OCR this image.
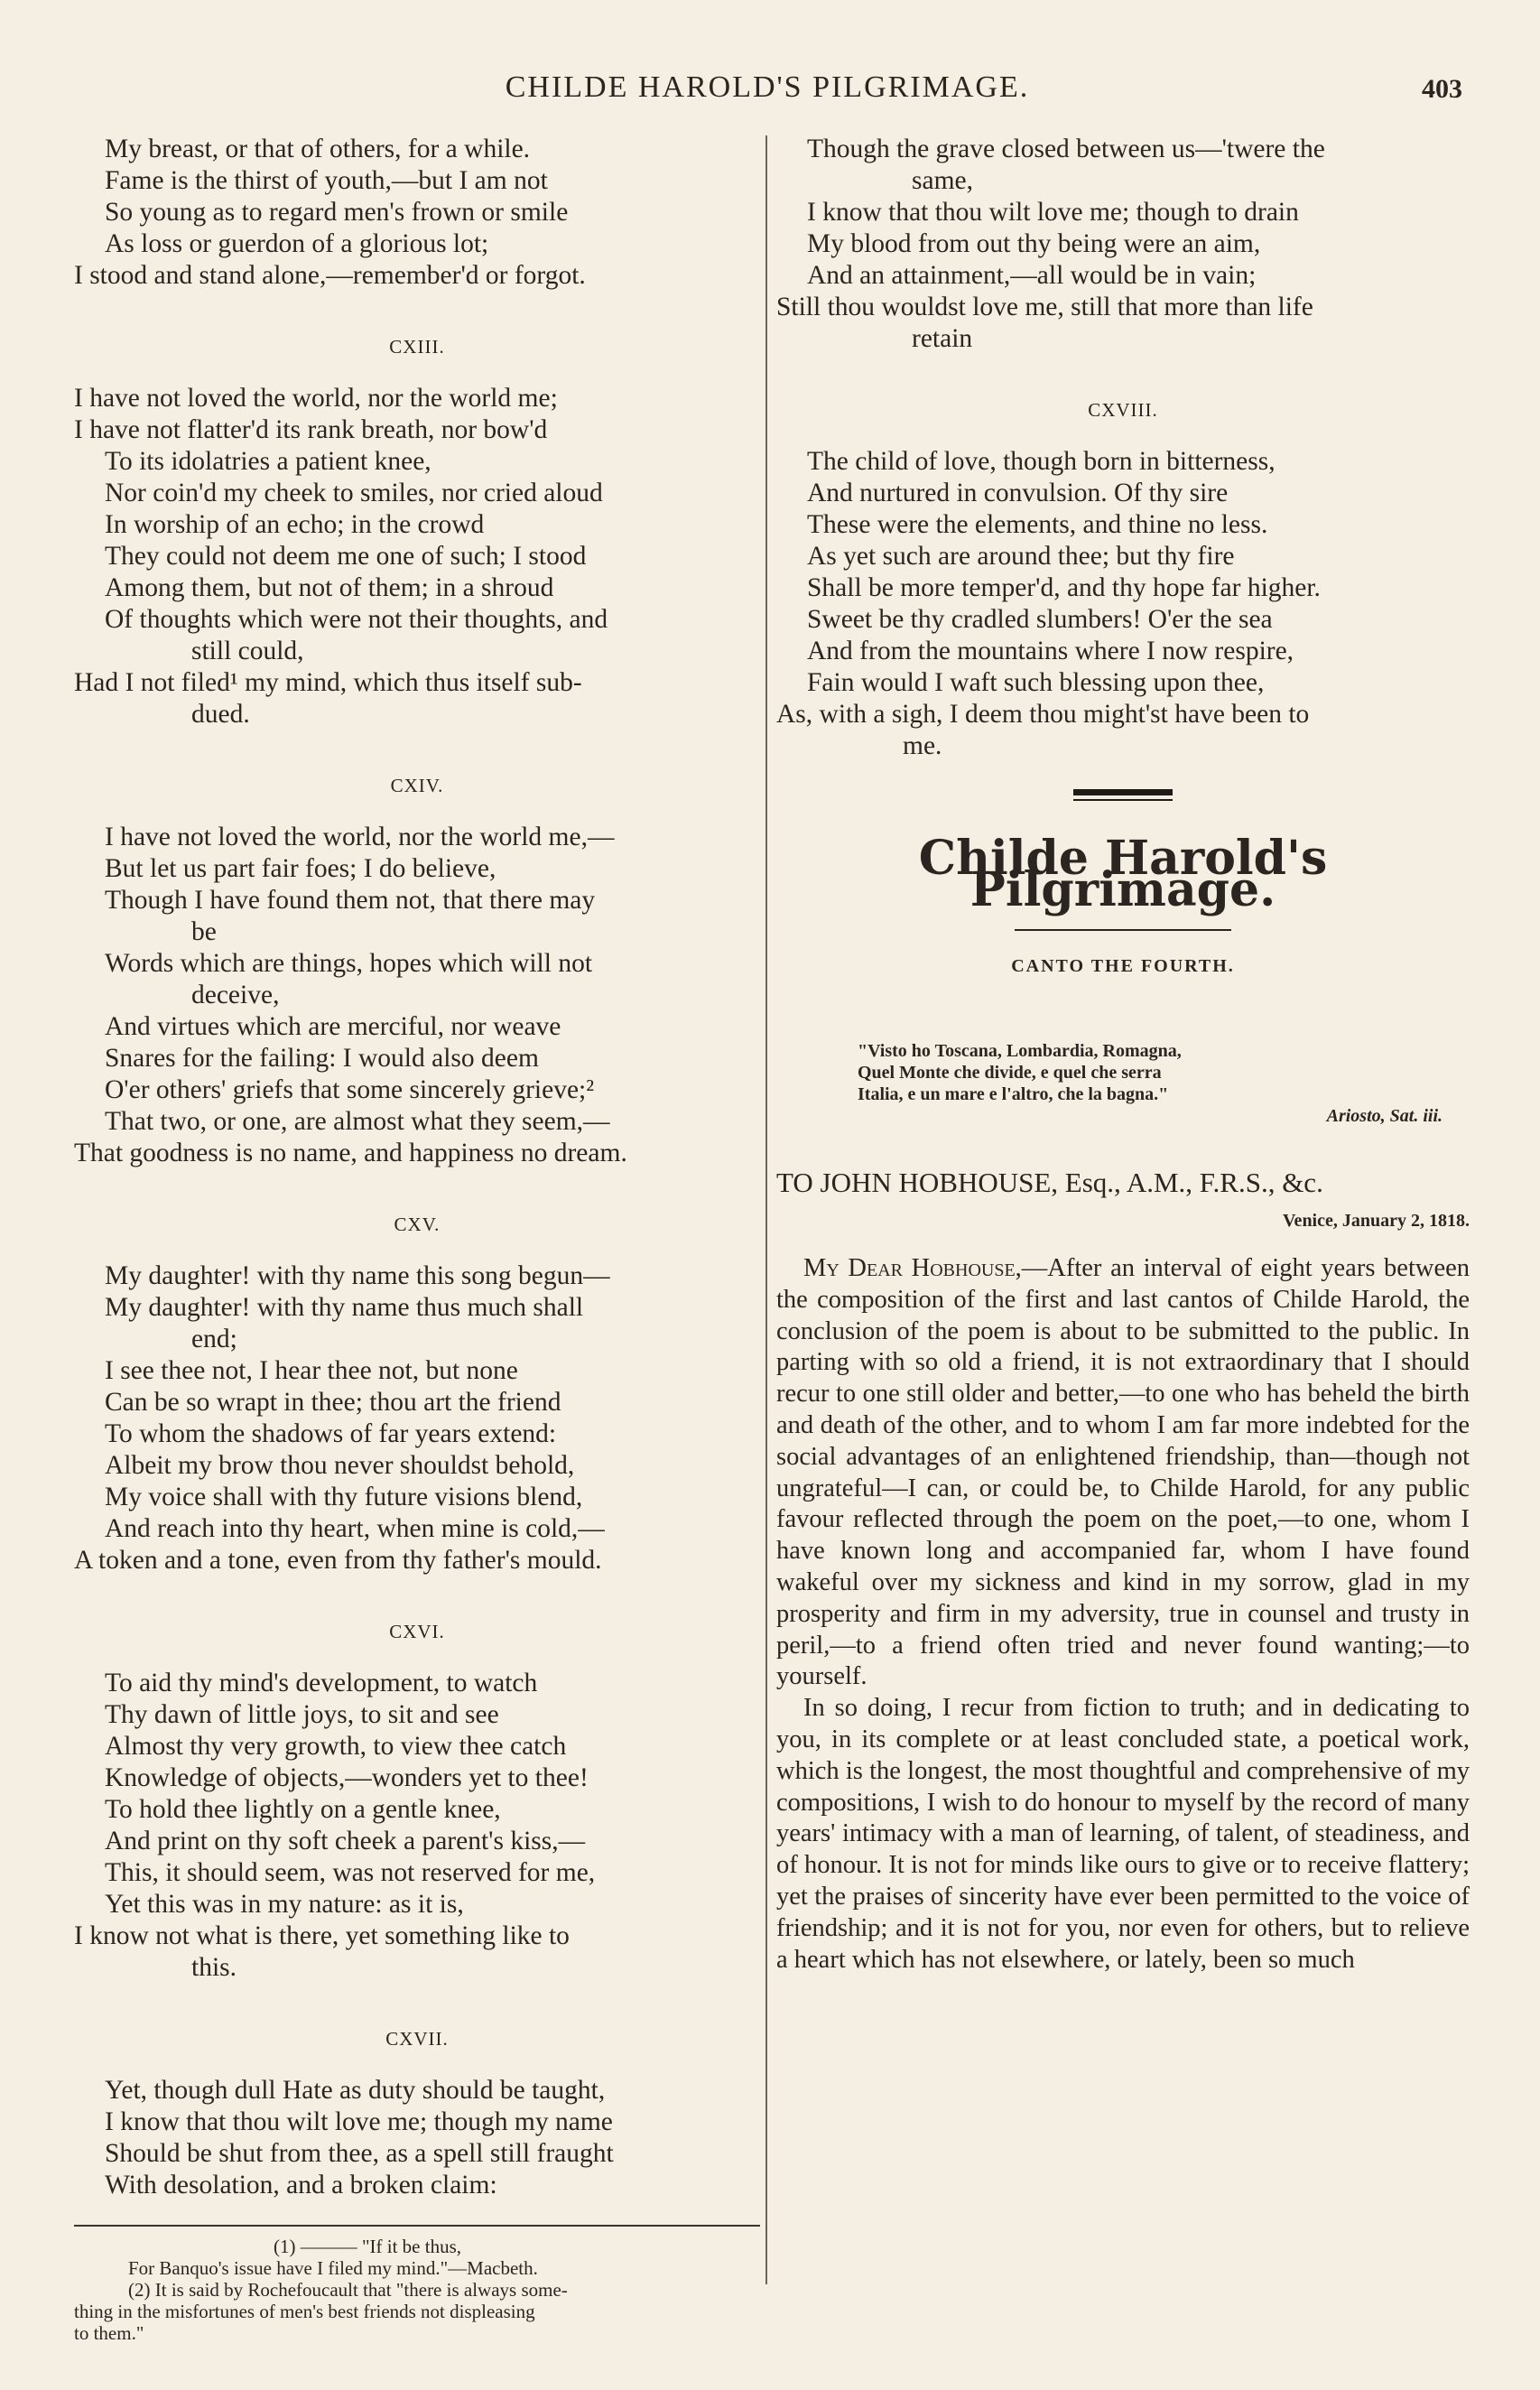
CHILDE HAROLD'S PILGRIMAGE.	403
My breast, or that of others, for a while.
Fame is the thirst of youth,—but I am not
So young as to regard men's frown or smile
As loss or guerdon of a glorious lot;
I stood and stand alone,—remember'd or forgot.
CXIII.
I have not loved the world, nor the world me;
I have not flatter'd its rank breath, nor bow'd
To its idolatries a patient knee,
Nor coin'd my cheek to smiles, nor cried aloud
In worship of an echo; in the crowd
They could not deem me one of such; I stood
Among them, but not of them; in a shroud
Of thoughts which were not their thoughts, and
still could,
Had I not filed¹ my mind, which thus itself sub-
dued.
CXIV.
I have not loved the world, nor the world me,—
But let us part fair foes; I do believe,
Though I have found them not, that there may
be
Words which are things, hopes which will not
deceive,
And virtues which are merciful, nor weave
Snares for the failing: I would also deem
O'er others' griefs that some sincerely grieve;²
That two, or one, are almost what they seem,—
That goodness is no name, and happiness no dream.
CXV.
My daughter! with thy name this song begun—
My daughter! with thy name thus much shall
end;
I see thee not, I hear thee not, but none
Can be so wrapt in thee; thou art the friend
To whom the shadows of far years extend:
Albeit my brow thou never shouldst behold,
My voice shall with thy future visions blend,
And reach into thy heart, when mine is cold,—
A token and a tone, even from thy father's mould.
CXVI.
To aid thy mind's development, to watch
Thy dawn of little joys, to sit and see
Almost thy very growth, to view thee catch
Knowledge of objects,—wonders yet to thee!
To hold thee lightly on a gentle knee,
And print on thy soft cheek a parent's kiss,—
This, it should seem, was not reserved for me,
Yet this was in my nature: as it is,
I know not what is there, yet something like to
this.
CXVII.
Yet, though dull Hate as duty should be taught,
I know that thou wilt love me; though my name
Should be shut from thee, as a spell still fraught
With desolation, and a broken claim:
(1) ——— "If it be thus,
For Banquo's issue have I filed my mind."—Macbeth.
(2) It is said by Rochefoucault that "there is always some-
thing in the misfortunes of men's best friends not displeasing
to them."
Though the grave closed between us—'twere the
same,
I know that thou wilt love me; though to drain
My blood from out thy being were an aim,
And an attainment,—all would be in vain;
Still thou wouldst love me, still that more than life
retain
CXVIII.
The child of love, though born in bitterness,
And nurtured in convulsion. Of thy sire
These were the elements, and thine no less.
As yet such are around thee; but thy fire
Shall be more temper'd, and thy hope far higher.
Sweet be thy cradled slumbers! O'er the sea
And from the mountains where I now respire,
Fain would I waft such blessing upon thee,
As, with a sigh, I deem thou might'st have been to
me.
Childe Harold's Pilgrimage.
CANTO THE FOURTH.
"Visto ho Toscana, Lombardia, Romagna,
Quel Monte che divide, e quel che serra
Italia, e un mare e l'altro, che la bagna."
Ariosto, Sat. iii.
TO JOHN HOBHOUSE, Esq., A.M., F.R.S., &c.
Venice, January 2, 1818.

My Dear Hobhouse,—After an interval of eight years between the composition of the first and last cantos of Childe Harold, the conclusion of the poem is about to be submitted to the public. In parting with so old a friend, it is not extraordinary that I should recur to one still older and better,—to one who has beheld the birth and death of the other, and to whom I am far more indebted for the social advantages of an enlightened friendship, than—though not ungrateful—I can, or could be, to Childe Harold, for any public favour reflected through the poem on the poet,—to one, whom I have known long and accompanied far, whom I have found wakeful over my sickness and kind in my sorrow, glad in my prosperity and firm in my adversity, true in counsel and trusty in peril,—to a friend often tried and never found wanting;—to yourself.

In so doing, I recur from fiction to truth; and in dedicating to you, in its complete or at least concluded state, a poetical work, which is the longest, the most thoughtful and comprehensive of my compositions, I wish to do honour to myself by the record of many years' intimacy with a man of learning, of talent, of steadiness, and of honour. It is not for minds like ours to give or to receive flattery; yet the praises of sincerity have ever been permitted to the voice of friendship; and it is not for you, nor even for others, but to relieve a heart which has not elsewhere, or lately, been so much
